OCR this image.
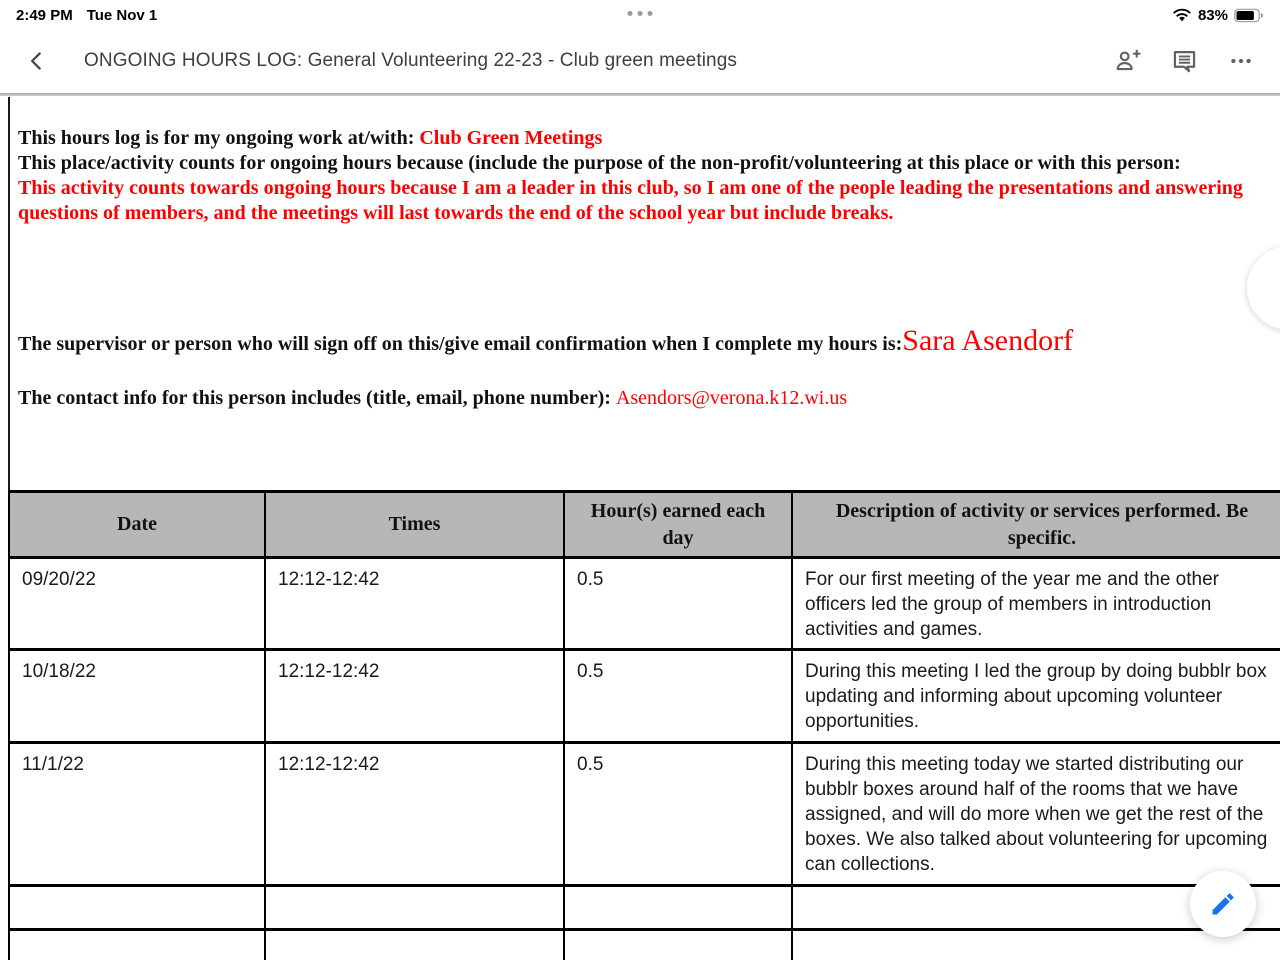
2:49 PM Tue Nov 1	83%
ONGOING HOURS LOG: General Volunteering 22-23 - Club green meetings

This hours log is for my ongoing work at/with: Club Green Meetings

This place/activity counts for ongoing hours because (include the purpose of the non-profit/volunteering at this place or with this person:

This activity counts towards ongoing hours because I am a leader in this club, so I am one of the people leading the presentations and answering questions of members, and the meetings will last towards the end of the school year but include breaks.

The supervisor or person who will sign off on this/give email confirmation when I complete my hours is:Sara Asendorf
The contact info for this person includes (title, email, phone number): Asendors@verona.k12.wi.us
Date	Times	Hour(s) earned each day	Description of activity or services performed. Be specific.
09/20/22	12:12-12:42	0.5	For our first meeting of the year me and the other officers led the group of members in introduction activities and games.
10/18/22	12:12-12:42	0.5	During this meeting I led the group by doing bubblr box updating and informing about upcoming volunteer opportunities.
11/1/22	12:12-12:42	0.5	During this meeting today we started distributing our bubblr boxes around half of the rooms that we have assigned, and will do more when we get the rest of the boxes. We also talked about volunteering for upcoming can collections.
